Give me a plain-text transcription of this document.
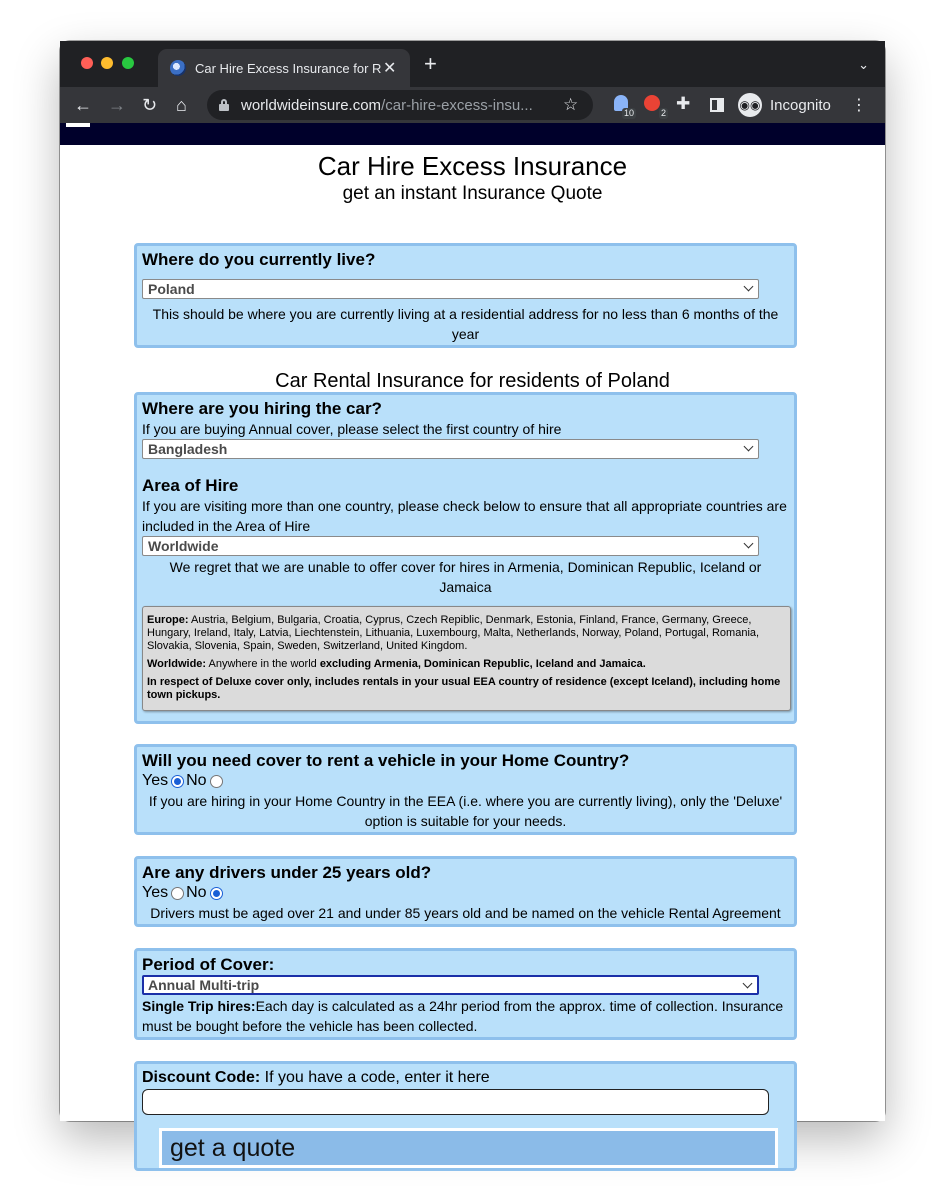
Car Hire Excess Insurance for R ✕ +	⌄
← → ↻ ⌂	worldwideinsure.com/car-hire-excess-insu...	☆	10	2 ✚	◉◉ Incognito ⋮
Car Hire Excess Insurance
get an instant Insurance Quote
Where do you currently live?
Poland
This should be where you are currently living at a residential address for no less than 6 months of the year
Car Rental Insurance for residents of Poland
Where are you hiring the car?
If you are buying Annual cover, please select the first country of hire
Bangladesh
Area of Hire
If you are visiting more than one country, please check below to ensure that all appropriate countries are included in the Area of Hire
Worldwide
We regret that we are unable to offer cover for hires in Armenia, Dominican Republic, Iceland or Jamaica

Europe: Austria, Belgium, Bulgaria, Croatia, Cyprus, Czech Repiblic, Denmark, Estonia, Finland, France, Germany, Greece, Hungary, Ireland, Italy, Latvia, Liechtenstein, Lithuania, Luxembourg, Malta, Netherlands, Norway, Poland, Portugal, Romania, Slovakia, Slovenia, Spain, Sweden, Switzerland, United Kingdom.

Worldwide: Anywhere in the world excluding Armenia, Dominican Republic, Iceland and Jamaica.

In respect of Deluxe cover only, includes rentals in your usual EEA country of residence (except Iceland), including home town pickups.

Will you need cover to rent a vehicle in your Home Country?
Yes No
If you are hiring in your Home Country in the EEA (i.e. where you are currently living), only the 'Deluxe' option is suitable for your needs.
Are any drivers under 25 years old?
Yes No
Drivers must be aged over 21 and under 85 years old and be named on the vehicle Rental Agreement
Period of Cover:
Annual Multi-trip
Single Trip hires:Each day is calculated as a 24hr period from the approx. time of collection. Insurance must be bought before the vehicle has been collected.
Discount Code: If you have a code, enter it here
get a quote
